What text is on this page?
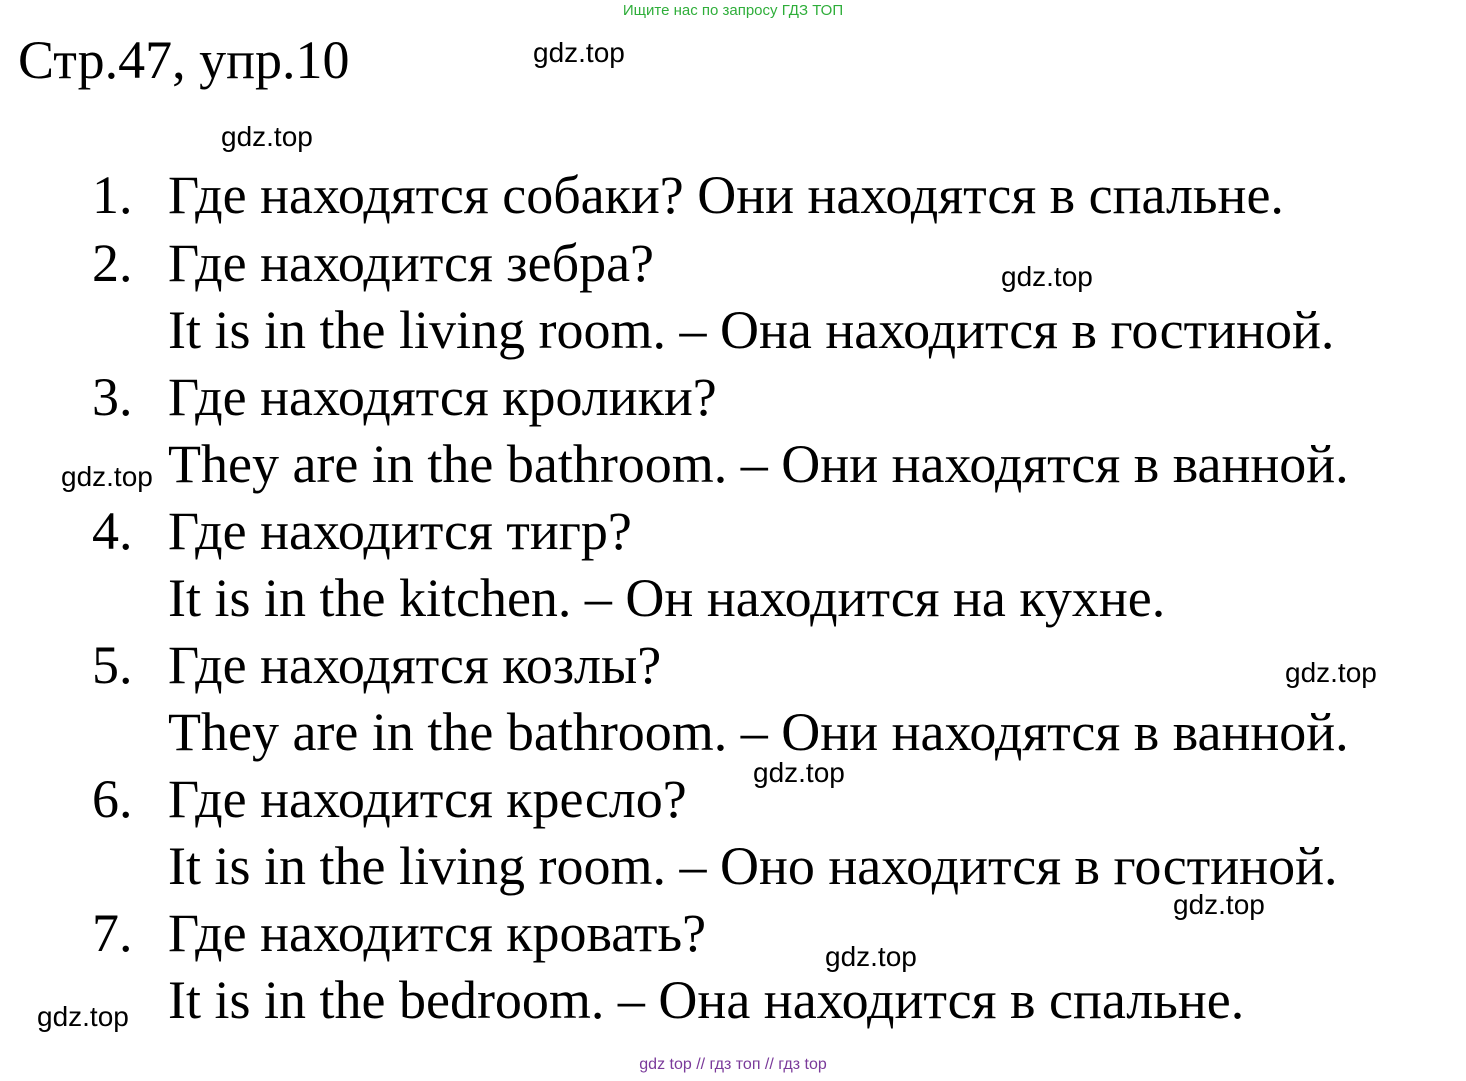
Ищите нас по запросу ГДЗ ТОП
Стр.47, упр.10	gdz.top
gdz.top
gdz.top
gdz.top
gdz.top
gdz.top
gdz.top
gdz.top
gdz.top
1. Где находятся собаки? Они находятся в спальне.
2. Где находится зебра?
It is in the living room. – Она находится в гостиной.
3. Где находятся кролики?
They are in the bathroom. – Они находятся в ванной.
4. Где находится тигр?
It is in the kitchen. – Он находится на кухне.
5. Где находятся козлы?
They are in the bathroom. – Они находятся в ванной.
6. Где находится кресло?
It is in the living room. – Оно находится в гостиной.
7. Где находится кровать?
It is in the bedroom. – Она находится в спальне.
gdz top // гдз топ // гдз top
